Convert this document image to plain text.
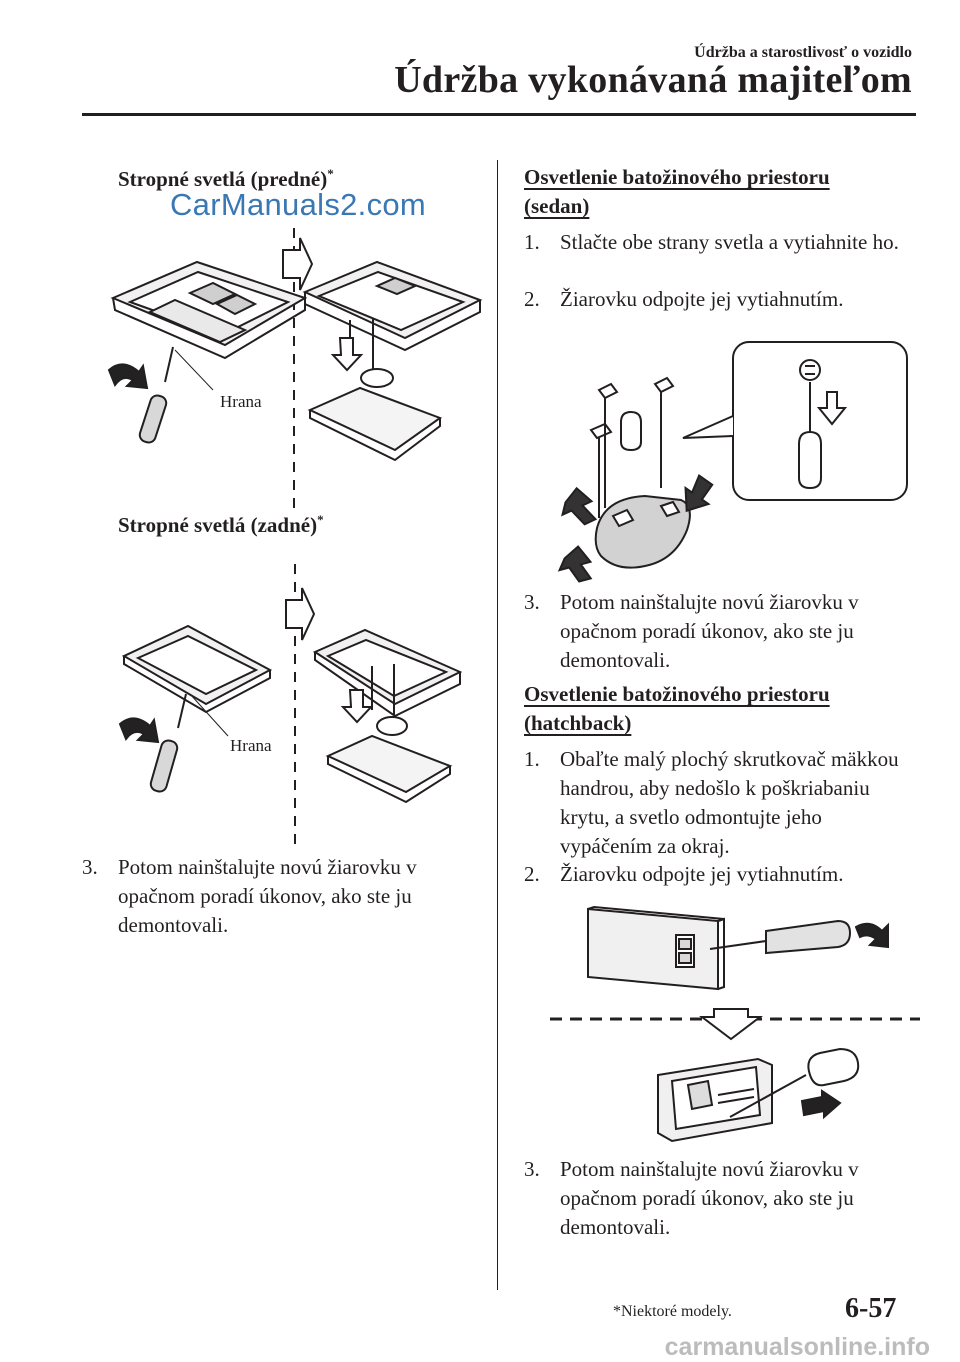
Údržba a starostlivosť o vozidlo
Údržba vykonávaná majiteľom
Stropné svetlá (predné)*
CarManuals2.com
Hrana
Stropné svetlá (zadné)*
Hrana
3. Potom nainštalujte novú žiarovku v opačnom poradí úkonov, ako ste ju demontovali.
Osvetlenie batožinového priestoru (sedan)
1. Stlačte obe strany svetla a vytiahnite ho.
2. Žiarovku odpojte jej vytiahnutím.
3. Potom nainštalujte novú žiarovku v opačnom poradí úkonov, ako ste ju demontovali.
Osvetlenie batožinového priestoru (hatchback)
1. Obaľte malý plochý skrutkovač mäkkou handrou, aby nedošlo k poškriabaniu krytu, a svetlo odmontujte jeho vypáčením za okraj.
2. Žiarovku odpojte jej vytiahnutím.
3. Potom nainštalujte novú žiarovku v opačnom poradí úkonov, ako ste ju demontovali.
*Niektoré modely.	6-57
carmanualsonline.info
